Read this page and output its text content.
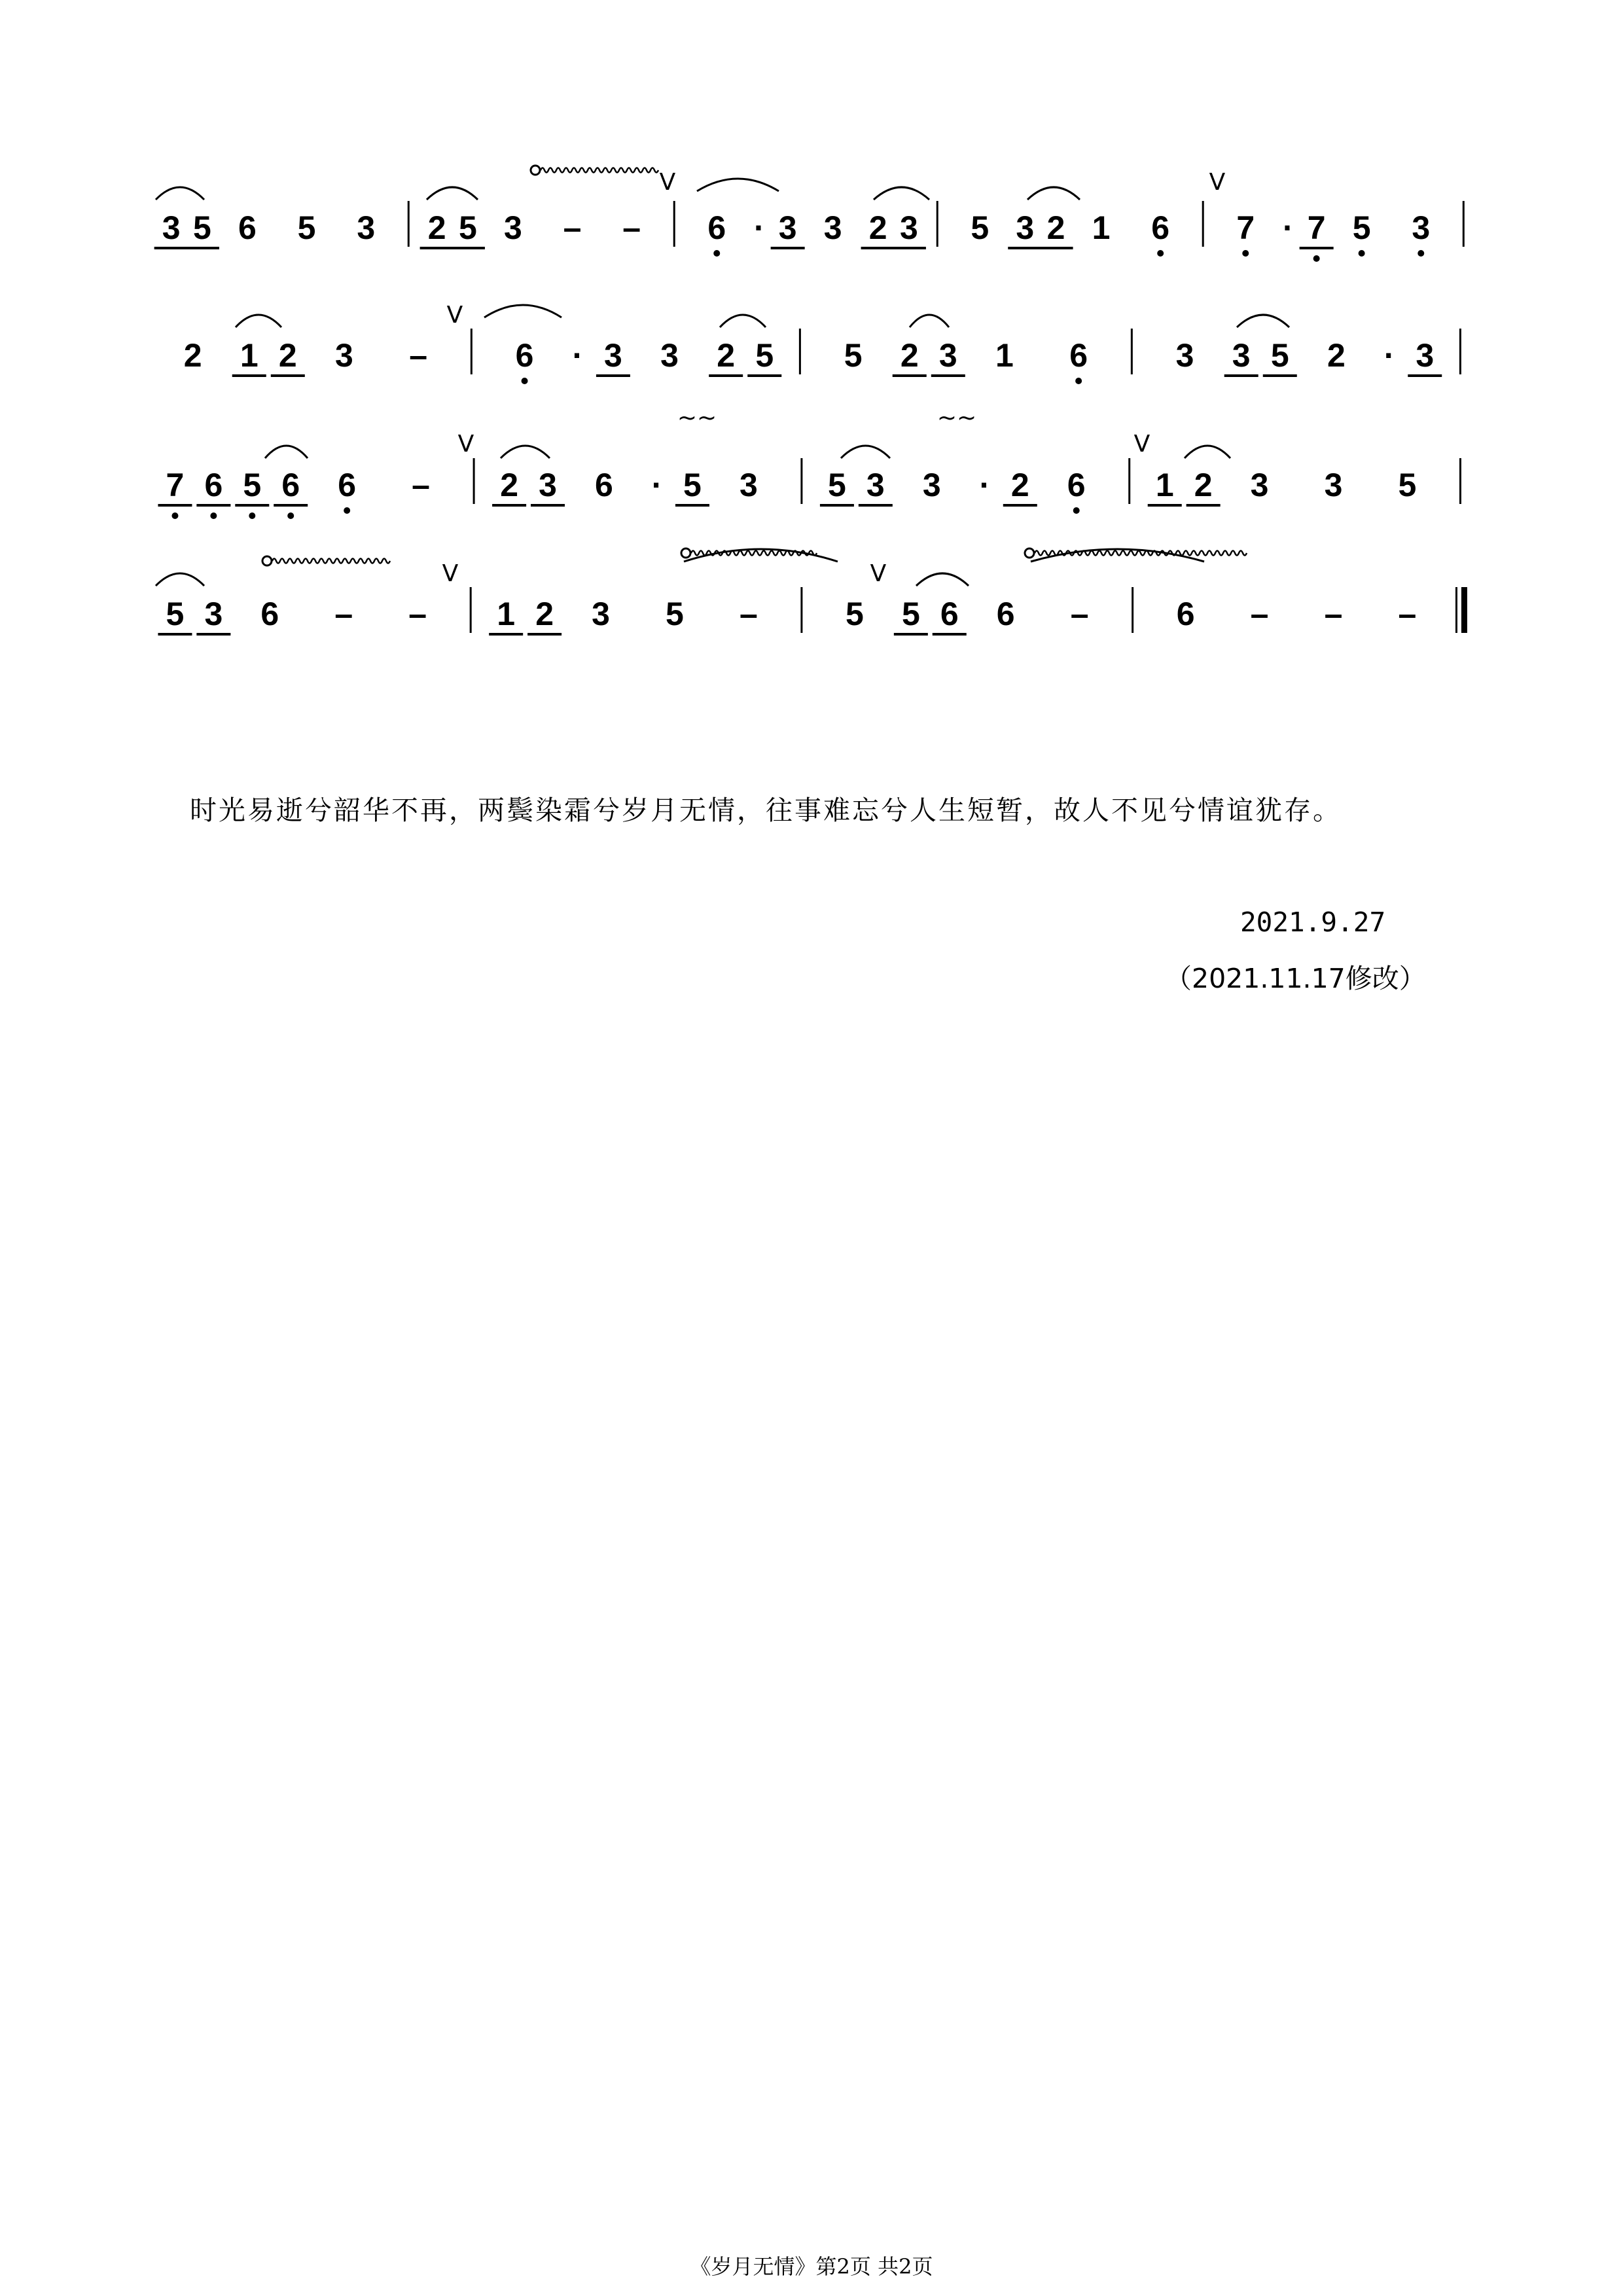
3 5 6 5 3 2 5 3 – – 6 · 3 3 2 3 5 3 2 1 6 7 · 7 5 3
2 1 2 3 –	6 · 3 3 2 5 5 2 3 1 6	3 3 5 2 · 3
7 6 5 6 6 – 2 3 6 · 5 3 5 3 3 · 2 6 1 2 3 3 5
5 3 6 – – 1 2 3 5 –	5 5 6 6 –	6 – – –
V	V
V
V	V
V	V
~~	~~
时光易逝兮韶华不再，两鬓染霜兮岁月无情，往事难忘兮人生短暂，故人不见兮情谊犹存。
2021.9.27
（2021.11.17修改）
《岁月无情》第2页 共2页
